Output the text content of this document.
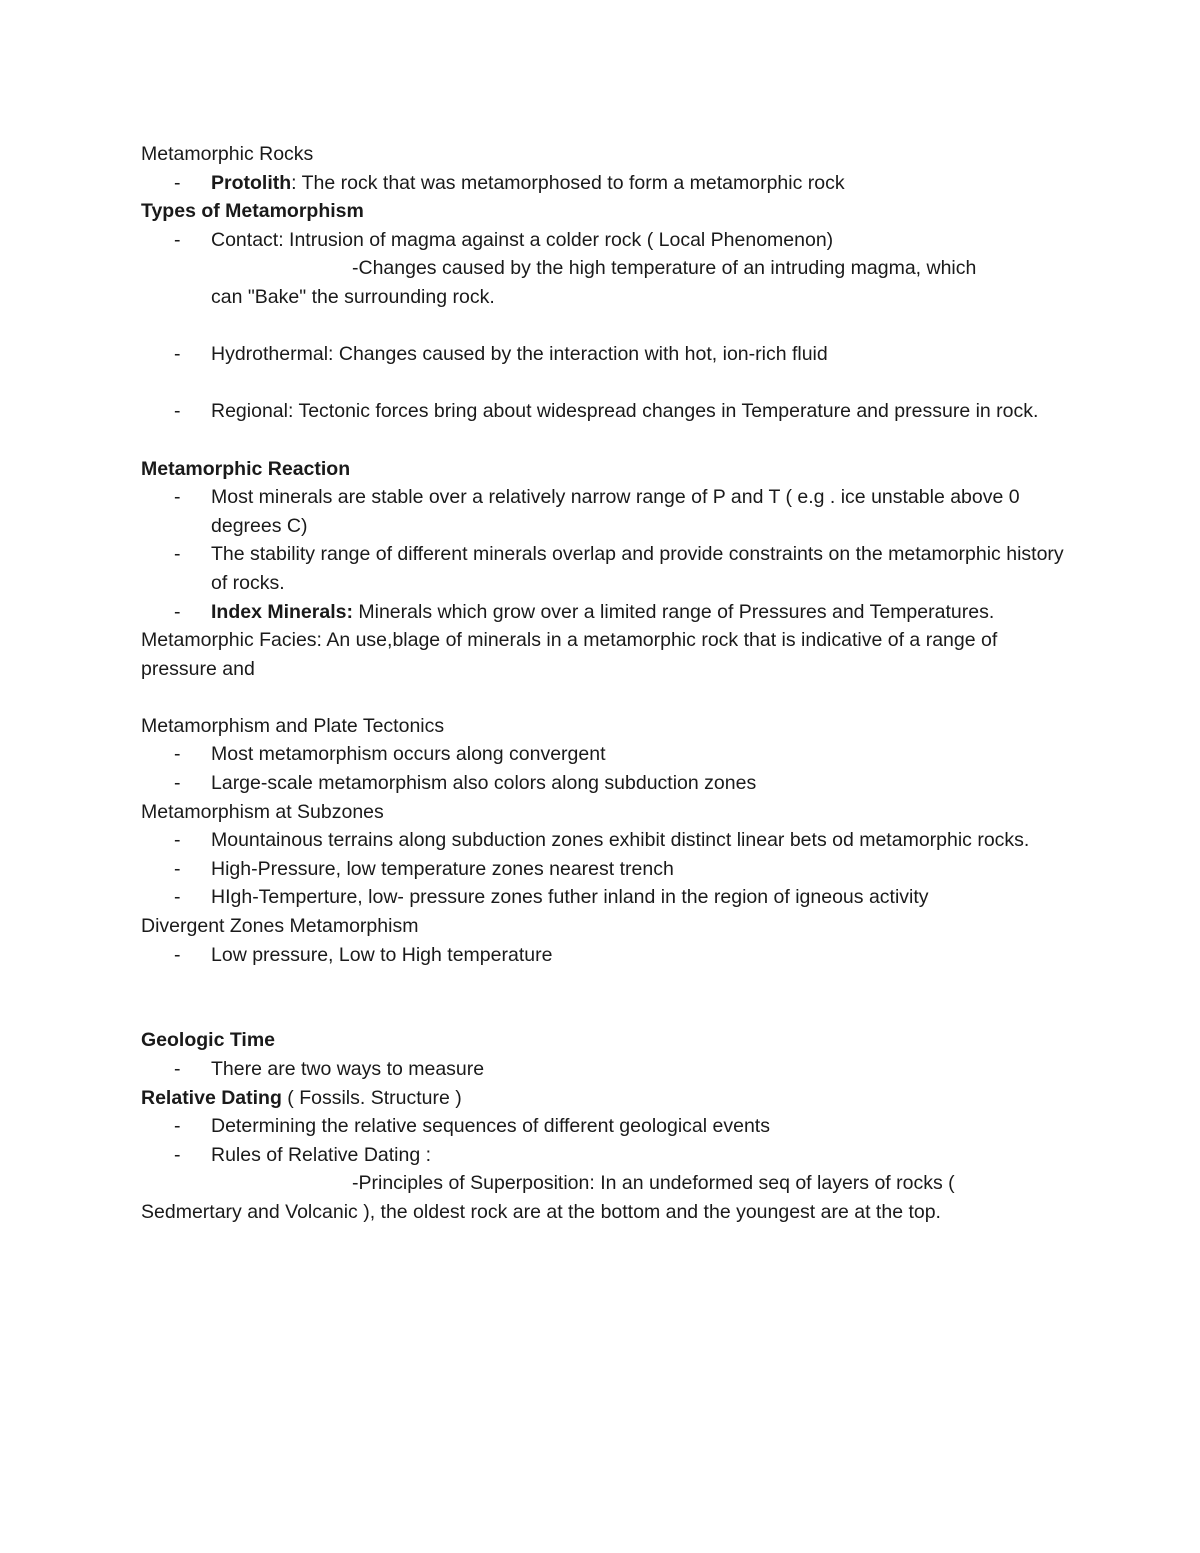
Metamorphic Rocks

- Protolith: The rock that was metamorphosed to form a metamorphic rock

Types of Metamorphism

- Contact: Intrusion of magma against a colder rock ( Local Phenomenon)

-Changes caused by the high temperature of an intruding magma, which

can "Bake" the surrounding rock.

- Hydrothermal: Changes caused by the interaction with hot, ion-rich fluid

- Regional: Tectonic forces bring about widespread changes in Temperature and pressure in rock.

Metamorphic Reaction

- Most minerals are stable over a relatively narrow range of P and T ( e.g . ice unstable above 0 degrees C)

- The stability range of different minerals overlap and provide constraints on the metamorphic history of rocks.

- Index Minerals: Minerals which grow over a limited range of Pressures and Temperatures.

Metamorphic Facies: An use,blage of minerals in a metamorphic rock that is indicative of a range of pressure and

Metamorphism and Plate Tectonics

- Most metamorphism occurs along convergent

- Large-scale metamorphism also colors along subduction zones

Metamorphism at Subzones

- Mountainous terrains along subduction zones exhibit distinct linear bets od metamorphic rocks.

- High-Pressure, low temperature zones nearest trench

- HIgh-Temperture, low- pressure zones futher inland in the region of igneous activity

Divergent Zones Metamorphism

- Low pressure, Low to High temperature

Geologic Time

- There are two ways to measure

Relative Dating ( Fossils. Structure )

- Determining the relative sequences of different geological events

- Rules of Relative Dating :

-Principles of Superposition: In an undeformed seq of layers of rocks (

Sedmertary and Volcanic ), the oldest rock are at the bottom and the youngest are at the top.
